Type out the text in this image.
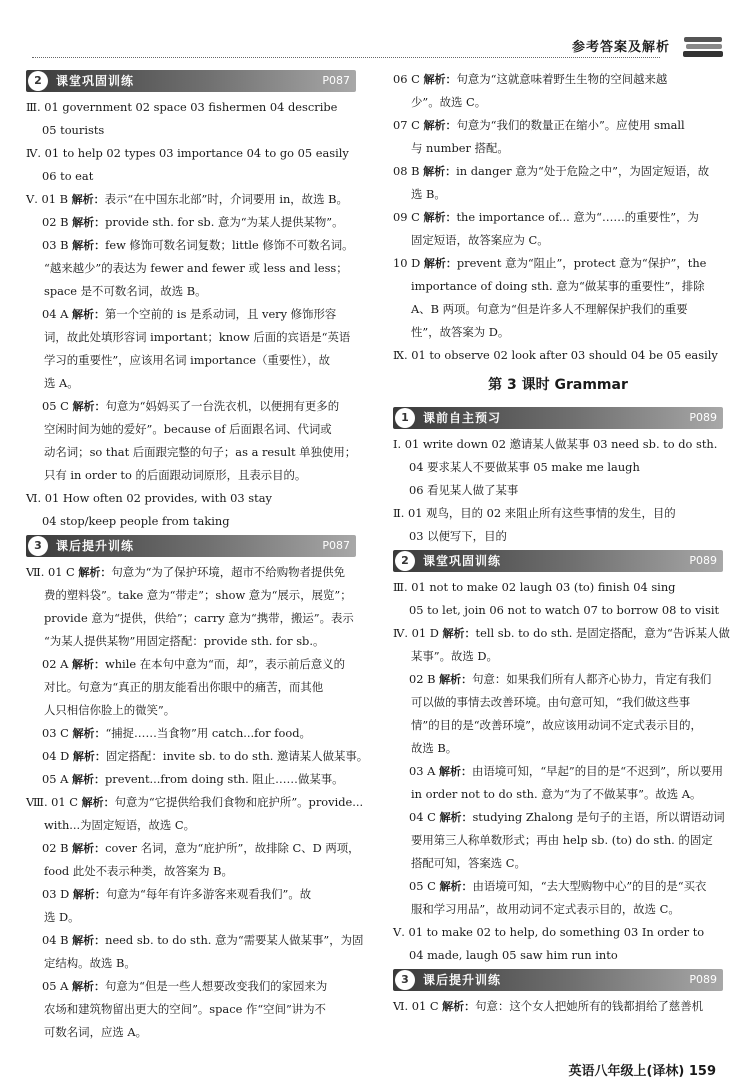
参考答案及解析
2	课堂巩固训练	P087
Ⅲ. 01 government 02 space 03 fishermen 04 describe
05 tourists
Ⅳ. 01 to help 02 types 03 importance 04 to go 05 easily
06 to eat
Ⅴ. 01 B 解析：表示“在中国东北部”时，介词要用 in，故选 B。
02 B 解析：provide sth. for sb. 意为“为某人提供某物”。
03 B 解析：few 修饰可数名词复数；little 修饰不可数名词。
“越来越少”的表达为 fewer and fewer 或 less and less；
space 是不可数名词，故选 B。
04 A 解析：第一个空前的 is 是系动词，且 very 修饰形容
词，故此处填形容词 important；know 后面的宾语是“英语
学习的重要性”，应该用名词 importance（重要性），故
选 A。
05 C 解析：句意为“妈妈买了一台洗衣机，以便拥有更多的
空闲时间为她的爱好”。because of 后面跟名词、代词或
动名词；so that 后面跟完整的句子；as a result 单独使用；
只有 in order to 的后面跟动词原形，且表示目的。
Ⅵ. 01 How often 02 provides, with 03 stay
04 stop/keep people from taking
3	课后提升训练	P087
Ⅶ. 01 C 解析：句意为“为了保护环境，超市不给购物者提供免
费的塑料袋”。take 意为“带走”；show 意为“展示，展览”；
provide 意为“提供，供给”；carry 意为“携带，搬运”。表示
“为某人提供某物”用固定搭配：provide sth. for sb.。
02 A 解析：while 在本句中意为“而，却”，表示前后意义的
对比。句意为“真正的朋友能看出你眼中的痛苦，而其他
人只相信你脸上的微笑”。
03 C 解析：“捕捉……当食物”用 catch...for food。
04 D 解析：固定搭配：invite sb. to do sth. 邀请某人做某事。
05 A 解析：prevent...from doing sth. 阻止……做某事。
Ⅷ. 01 C 解析：句意为“它提供给我们食物和庇护所”。provide...
with...为固定短语，故选 C。
02 B 解析：cover 名词，意为“庇护所”，故排除 C、D 两项，
food 此处不表示种类，故答案为 B。
03 D 解析：句意为“每年有许多游客来观看我们”。故
选 D。
04 B 解析：need sb. to do sth. 意为“需要某人做某事”，为固
定结构。故选 B。
05 A 解析：句意为“但是一些人想要改变我们的家园来为
农场和建筑物留出更大的空间”。space 作“空间”讲为不
可数名词，应选 A。
06 C 解析：句意为“这就意味着野生生物的空间越来越
少”。故选 C。
07 C 解析：句意为“我们的数量正在缩小”。应使用 small
与 number 搭配。
08 B 解析：in danger 意为“处于危险之中”，为固定短语，故
选 B。
09 C 解析：the importance of... 意为“……的重要性”，为
固定短语，故答案应为 C。
10 D 解析：prevent 意为“阻止”，protect 意为“保护”，the
importance of doing sth. 意为“做某事的重要性”，排除
A、B 两项。句意为“但是许多人不理解保护我们的重要
性”，故答案为 D。
Ⅸ. 01 to observe 02 look after 03 should 04 be 05 easily
第 3 课时 Grammar
1	课前自主预习	P089
Ⅰ. 01 write down 02 邀请某人做某事 03 need sb. to do sth.
04 要求某人不要做某事 05 make me laugh
06 看见某人做了某事
Ⅱ. 01 观鸟，目的 02 来阻止所有这些事情的发生，目的
03 以便写下，目的
2	课堂巩固训练	P089
Ⅲ. 01 not to make 02 laugh 03 (to) finish 04 sing
05 to let, join 06 not to watch 07 to borrow 08 to visit
Ⅳ. 01 D 解析：tell sb. to do sth. 是固定搭配，意为“告诉某人做
某事”。故选 D。
02 B 解析：句意：如果我们所有人都齐心协力，肯定有我们
可以做的事情去改善环境。由句意可知，“我们做这些事
情”的目的是“改善环境”，故应该用动词不定式表示目的，
故选 B。
03 A 解析：由语境可知，“早起”的目的是“不迟到”，所以要用
in order not to do sth. 意为“为了不做某事”。故选 A。
04 C 解析：studying Zhalong 是句子的主语，所以谓语动词
要用第三人称单数形式；再由 help sb. (to) do sth. 的固定
搭配可知，答案选 C。
05 C 解析：由语境可知，“去大型购物中心”的目的是“买衣
服和学习用品”，故用动词不定式表示目的，故选 C。
Ⅴ. 01 to make 02 to help, do something 03 In order to
04 made, laugh 05 saw him run into
3	课后提升训练	P089
Ⅵ. 01 C 解析：句意：这个女人把她所有的钱都捐给了慈善机
英语八年级上(译林) 159
